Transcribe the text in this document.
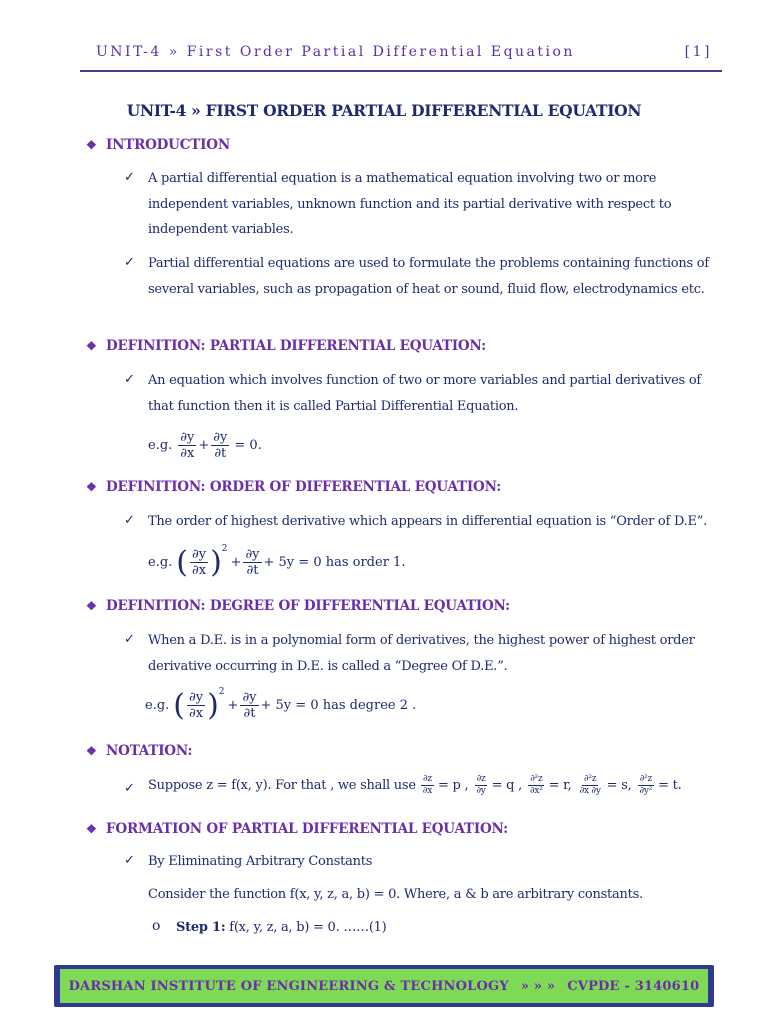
UNIT-4 » First Order Partial Differential Equation	[1]
UNIT-4 » FIRST ORDER PARTIAL DIFFERENTIAL EQUATION
❖ INTRODUCTION
✓ A partial differential equation is a mathematical equation involving two or more independent variables, unknown function and its partial derivative with respect to independent variables.
✓ Partial differential equations are used to formulate the problems containing functions of several variables, such as propagation of heat or sound, fluid flow, electrodynamics etc.
❖ DEFINITION: PARTIAL DIFFERENTIAL EQUATION:
✓ An equation which involves function of two or more variables and partial derivatives of that function then it is called Partial Differential Equation.
e.g. $\frac{\partial y}{\partial x} + \frac{\partial y}{\partial t} = 0$.
❖ DEFINITION: ORDER OF DIFFERENTIAL EQUATION:
✓ The order of highest derivative which appears in differential equation is “Order of D.E”.
e.g. ( $\frac{\partial y}{\partial x}$ ) 2
+ $\frac{\partial y}{\partial t} + 5y = 0$ has order 1.
❖ DEFINITION: DEGREE OF DIFFERENTIAL EQUATION:
✓ When a D.E. is in a polynomial form of derivatives, the highest power of highest order derivative occurring in D.E. is called a “Degree Of D.E.”.
e.g. ( $\frac{\partial y}{\partial x}$ ) 2
+ $\frac{\partial y}{\partial t} + 5y = 0$ has degree 2 .
❖ NOTATION:
✓ Suppose z = f(x, y). For that , we shall use $\frac{\partial z}{\partial x} = p$ , $\frac{\partial z}{\partial y} = q$ , $\frac{\text{∂²z}}{\text{∂x²}} = r$, $\frac{\text{∂²z}}{\partial x \partial y} = s$, $\frac{\text{∂²z}}{\text{∂y²}} = t$.
❖ FORMATION OF PARTIAL DIFFERENTIAL EQUATION:
✓ By Eliminating Arbitrary Constants
Consider the function f(x, y, z, a, b) = 0. Where, a & b are arbitrary constants.
o Step 1: f(x, y, z, a, b) = 0. ……(1)
DARSHAN INSTITUTE OF ENGINEERING & TECHNOLOGY » » » CVPDE - 3140610
